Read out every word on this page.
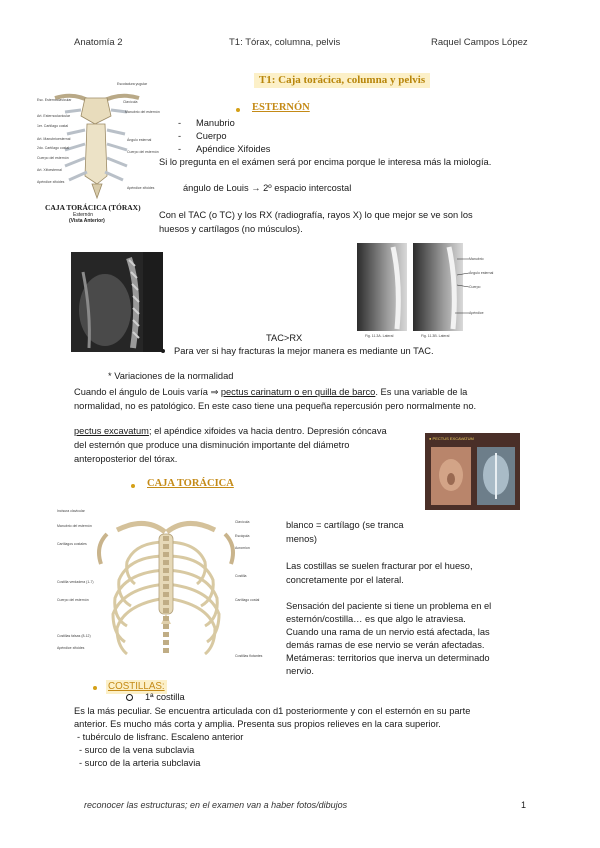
Anatomía 2	T1: Tórax, columna, pelvis	Raquel Campos López
T1: Caja torácica, columna y pelvis
Esc. Esternoclavicular
Art. Esternoclavicular
1er. Cartílago costal
Art. Manubrioesternal
2do. Cartílago costal
Cuerpo del esternón
Art. Xifoesternal
Apéndice xifoides
Escotadura yugular
Clavícula
Manubrio del esternón
Ángulo esternal
Cuerpo del esternón
Apéndice xifoides
CAJA TORÁCICA (TÓRAX)
Esternón
(Vista Anterior)
ESTERNÓN
- Manubrio
- Cuerpo
- Apéndice Xifoides
Si lo pregunta en el exámen será por encima porque le interesa más la miología.
ángulo de Louis → 2º espacio intercostal
Con el TAC (o TC) y los RX (radiografía, rayos X) lo que mejor se ve son los
huesos y cartílagos (no músculos).
Manubrio
Ángulo esternal
Cuerpo
Apéndice
Fig. 11.3A. Lateral	Fig. 11.3B. Lateral
TAC>RX
Para ver si hay fracturas la mejor manera es mediante un TAC.
* Variaciones de la normalidad
Cuando el ángulo de Louis varía ⇒ pectus carinatum o en quilla de barco. Es una variable de la
normalidad, no es patológico. En este caso tiene una pequeña repercusión pero normalmente no.
pectus excavatum; el apéndice xifoides va hacia dentro. Depresión cóncava
del esternón que produce una disminución importante del diámetro
anteroposterior del tórax.
● PECTUS EXCAVATUM
CAJA TORÁCICA
Incisura clavicular
Manubrio del esternón
Cartílagos costales
Costilla verdadera (1-7)
Cuerpo del esternón
Costillas falsas (8-12)
Apéndice xifoides
Clavícula
Escápula
Acromion
Costilla
Cartílago costal
Costillas flotantes
blanco = cartílago (se tranca
menos)
Las costillas se suelen fracturar por el hueso,
concretamente por el lateral.
Sensación del paciente si tiene un problema en el
esternón/costilla… es que algo le atraviesa.
Cuando una rama de un nervio está afectada, las
demás ramas de ese nervio se verán afectadas.
Metámeras: territorios que inerva un determinado
nervio.
COSTILLAS:
1ª costilla
Es la más peculiar. Se encuentra articulada con d1 posteriormente y con el esternón en su parte
anterior. Es mucho más corta y amplia. Presenta sus propios relieves en la cara superior.
- tubérculo de lisfranc. Escaleno anterior
- surco de la vena subclavia
- surco de la arteria subclavia
reconocer las estructuras; en el examen van a haber fotos/dibujos	1
